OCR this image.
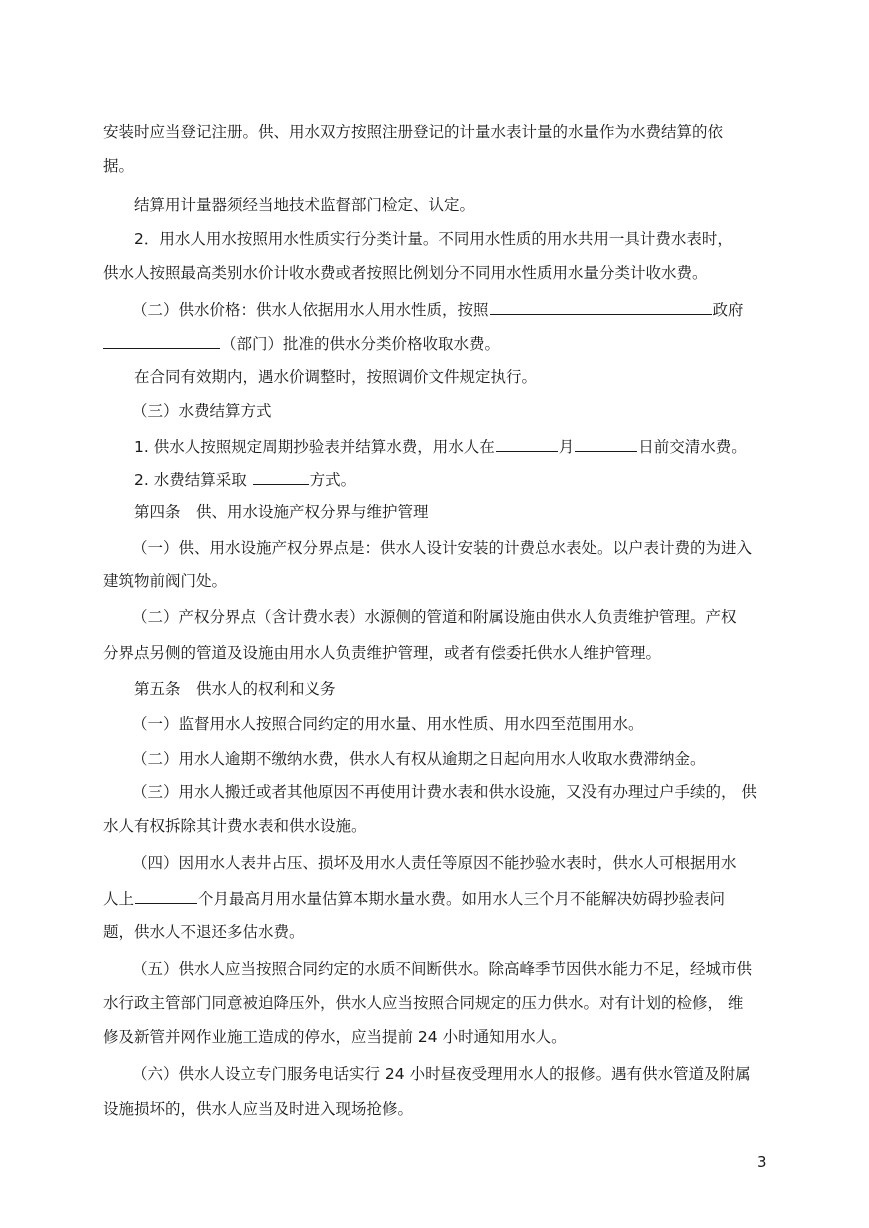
安装时应当登记注册。供、用水双方按照注册登记的计量水表计量的水量作为水费结算的依
据。
结算用计量器须经当地技术监督部门检定、认定。
2．用水人用水按照用水性质实行分类计量。不同用水性质的用水共用一具计费水表时，
供水人按照最高类别水价计收水费或者按照比例划分不同用水性质用水量分类计收水费。
（二）供水价格：供水人依据用水人用水性质，按照	政府
（部门）批准的供水分类价格收取水费。
在合同有效期内，遇水价调整时，按照调价文件规定执行。
（三）水费结算方式
1. 供水人按照规定周期抄验表并结算水费，用水人在	月	日前交清水费。
2. 水费结算采取	方式。
第四条　供、用水设施产权分界与维护管理
（一）供、用水设施产权分界点是：供水人设计安装的计费总水表处。以户表计费的为进入
建筑物前阀门处。
（二）产权分界点（含计费水表）水源侧的管道和附属设施由供水人负责维护管理。产权
分界点另侧的管道及设施由用水人负责维护管理，或者有偿委托供水人维护管理。
第五条　供水人的权利和义务
（一）监督用水人按照合同约定的用水量、用水性质、用水四至范围用水。
（二）用水人逾期不缴纳水费，供水人有权从逾期之日起向用水人收取水费滞纳金。
（三）用水人搬迁或者其他原因不再使用计费水表和供水设施，又没有办理过户手续的， 供
水人有权拆除其计费水表和供水设施。
（四）因用水人表井占压、损坏及用水人责任等原因不能抄验水表时，供水人可根据用水
人上	个月最高月用水量估算本期水量水费。如用水人三个月不能解决妨碍抄验表问
题，供水人不退还多估水费。
（五）供水人应当按照合同约定的水质不间断供水。除高峰季节因供水能力不足，经城市供
水行政主管部门同意被迫降压外，供水人应当按照合同规定的压力供水。对有计划的检修， 维
修及新管并网作业施工造成的停水，应当提前 24 小时通知用水人。
（六）供水人设立专门服务电话实行 24 小时昼夜受理用水人的报修。遇有供水管道及附属
设施损坏的，供水人应当及时进入现场抢修。
3
